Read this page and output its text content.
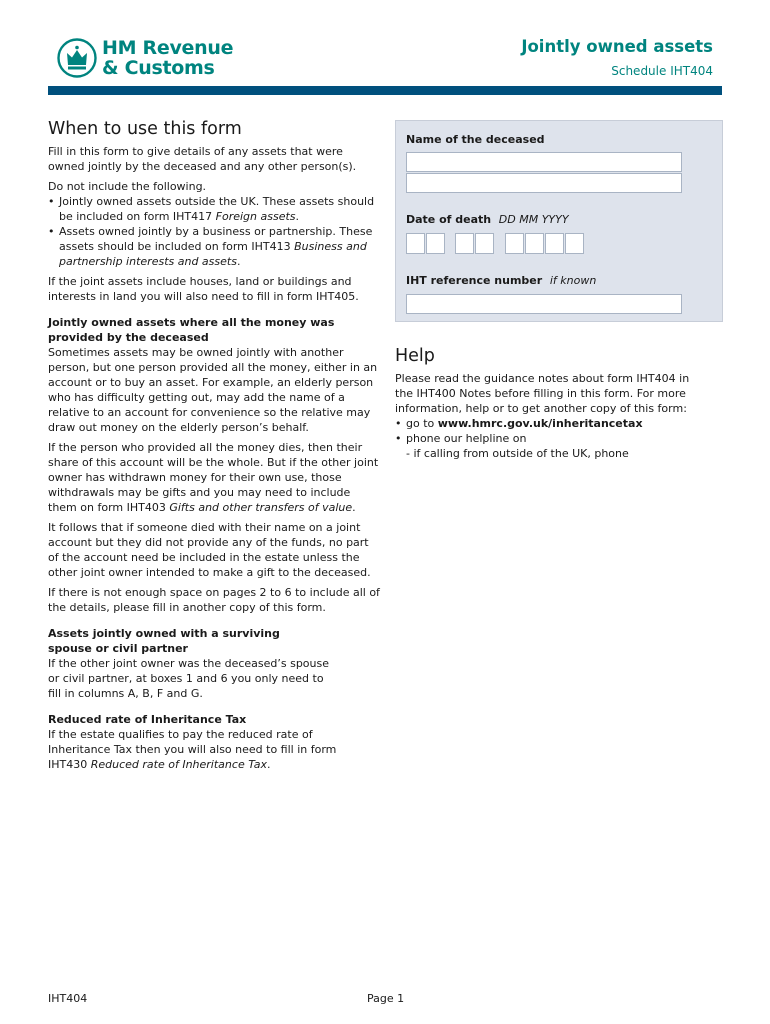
HM Revenue
& Customs
Jointly owned assets
Schedule IHT404
When to use this form

Fill in this form to give details of any assets that were owned jointly by the deceased and any other person(s).

Do not include the following.

• Jointly owned assets outside the UK. These assets should be included on form IHT417 Foreign assets.
• Assets owned jointly by a business or partnership. These assets should be included on form IHT413 Business and partnership interests and assets.

If the joint assets include houses, land or buildings and interests in land you will also need to fill in form IHT405.

Jointly owned assets where all the money was provided by the deceased

Sometimes assets may be owned jointly with another person, but one person provided all the money, either in an account or to buy an asset. For example, an elderly person who has difficulty getting out, may add the name of a relative to an account for convenience so the relative may draw out money on the elderly person’s behalf.

If the person who provided all the money dies, then their share of this account will be the whole. But if the other joint owner has withdrawn money for their own use, those withdrawals may be gifts and you may need to include them on form IHT403 Gifts and other transfers of value.

It follows that if someone died with their name on a joint account but they did not provide any of the funds, no part of the account need be included in the estate unless the other joint owner intended to make a gift to the deceased.

If there is not enough space on pages 2 to 6 to include all of the details, please fill in another copy of this form.

Assets jointly owned with a surviving spouse or civil partner

If the other joint owner was the deceased’s spouse or civil partner, at boxes 1 and 6 you only need to fill in columns A, B, F and G.

Reduced rate of Inheritance Tax

If the estate qualifies to pay the reduced rate of Inheritance Tax then you will also need to fill in form IHT430 Reduced rate of Inheritance Tax.

Name of the deceased
Date of death DD MM YYYY
IHT reference number if known
Help

Please read the guidance notes about form IHT404 in the IHT400 Notes before filling in this form. For more information, help or to get another copy of this form:

• go to www.hmrc.gov.uk/inheritancetax
• phone our helpline on
- if calling from outside of the UK, phone
IHT404	Page 1
